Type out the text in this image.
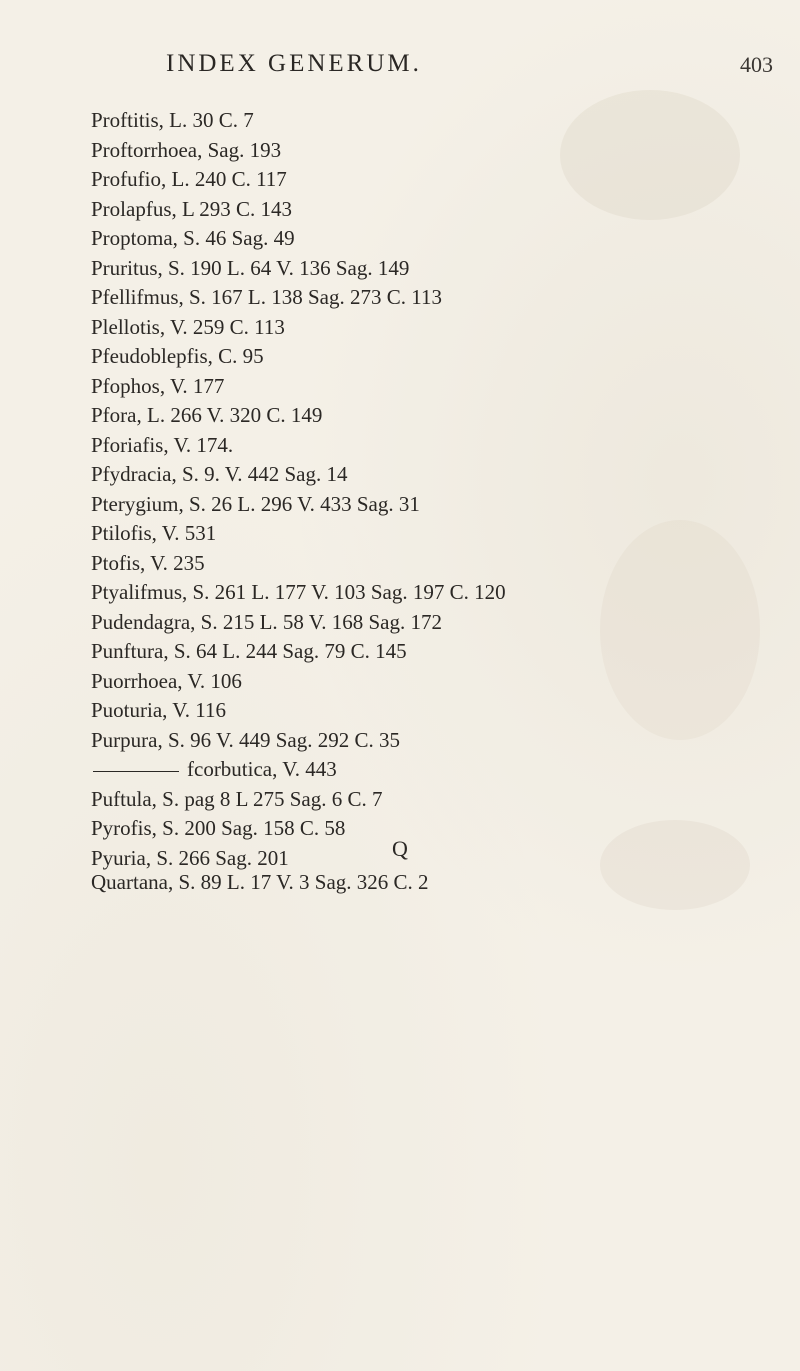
INDEX GENERUM.	403
Proftitis, L. 30 C. 7
Proftorrhoea, Sag. 193
Profufio, L. 240 C. 117
Prolapfus, L 293 C. 143
Proptoma, S. 46 Sag. 49
Pruritus, S. 190 L. 64 V. 136 Sag. 149
Pfellifmus, S. 167 L. 138 Sag. 273 C. 113
Plellotis, V. 259 C. 113
Pfeudoblepfis, C. 95
Pfophos, V. 177
Pfora, L. 266 V. 320 C. 149
Pforiafis, V. 174.
Pfydracia, S. 9. V. 442 Sag. 14
Pterygium, S. 26 L. 296 V. 433 Sag. 31
Ptilofis, V. 531
Ptofis, V. 235
Ptyalifmus, S. 261 L. 177 V. 103 Sag. 197 C. 120
Pudendagra, S. 215 L. 58 V. 168 Sag. 172
Punftura, S. 64 L. 244 Sag. 79 C. 145
Puorrhoea, V. 106
Puoturia, V. 116
Purpura, S. 96 V. 449 Sag. 292 C. 35
fcorbutica, V. 443
Puftula, S. pag 8 L 275 Sag. 6 C. 7
Pyrofis, S. 200 Sag. 158 C. 58
Pyuria, S. 266 Sag. 201	Q
Quartana, S. 89 L. 17 V. 3 Sag. 326 C. 2
